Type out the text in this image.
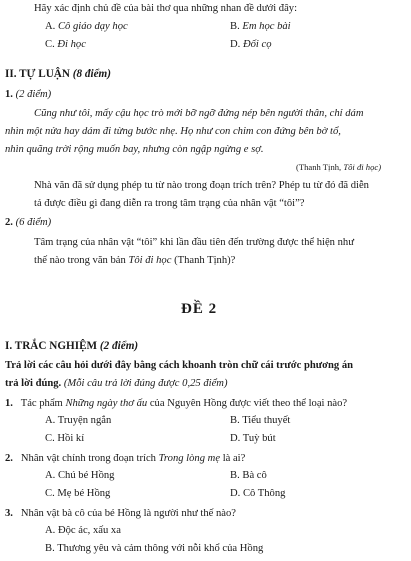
Hãy xác định chủ đề của bài thơ qua những nhan đề dưới đây:
A. Cô giáo dạy học	B. Em học bài
C. Đi học	D. Đối cọ
II. TỰ LUẬN (8 điểm)
1. (2 điểm)
Cũng như tôi, mấy cậu học trò mới bỡ ngỡ đứng nép bên người thân, chỉ dám
nhìn một nửa hay dám đi từng bước nhẹ. Họ như con chim con đứng bên bờ tổ,
nhìn quãng trời rộng muốn bay, nhưng còn ngập ngừng e sợ.
(Thanh Tịnh, Tôi đi học)
Nhà văn đã sử dụng phép tu từ nào trong đoạn trích trên? Phép tu từ đó đã diễn
tả được điều gì đang diễn ra trong tâm trạng của nhân vật “tôi”?
2. (6 điểm)
Tâm trạng của nhân vật “tôi” khi lần đầu tiên đến trường được thể hiện như
thế nào trong văn bản Tôi đi học (Thanh Tịnh)?
ĐỀ 2
I. TRẮC NGHIỆM (2 điểm)
Trả lời các câu hỏi dưới đây bằng cách khoanh tròn chữ cái trước phương án
trả lời đúng. (Mỗi câu trả lời đúng được 0,25 điểm)
1. Tác phẩm Những ngày thơ ấu của Nguyên Hồng được viết theo thể loại nào?
A. Truyện ngắn	B. Tiểu thuyết
C. Hồi kí	D. Tuỳ bút
2. Nhân vật chính trong đoạn trích Trong lòng mẹ là ai?
A. Chú bé Hồng	B. Bà cô
C. Mẹ bé Hồng	D. Cô Thông
3. Nhân vật bà cô của bé Hồng là người như thế nào?
A. Độc ác, xấu xa
B. Thương yêu và cảm thông với nỗi khổ của Hồng
